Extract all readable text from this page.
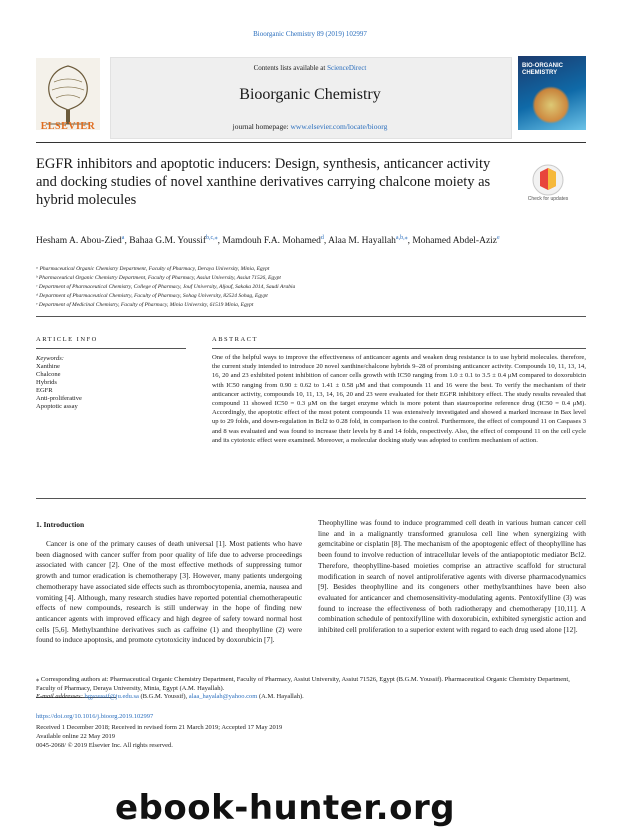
Bioorganic Chemistry 89 (2019) 102997
Contents lists available at ScienceDirect
Bioorganic Chemistry
journal homepage: www.elsevier.com/locate/bioorg
ELSEVIER
BIO-ORGANIC CHEMISTRY
EGFR inhibitors and apoptotic inducers: Design, synthesis, anticancer activity and docking studies of novel xanthine derivatives carrying chalcone moiety as hybrid molecules	Check for updates
Hesham A. Abou-Zied$^a$, Bahaa G.M. Youssif$^{b,c,⁎}$, Mamdouh F.A. Mohamed$^d$, Alaa M. Hayallah$^{a,b,⁎}$, Mohamed Abdel-Aziz$^e$
ᵃ Pharmaceutical Organic Chemistry Department, Faculty of Pharmacy, Deraya University, Minia, Egypt
ᵇ Pharmaceutical Organic Chemistry Department, Faculty of Pharmacy, Assiut University, Assiut 71526, Egypt
ᶜ Department of Pharmaceutical Chemistry, College of Pharmacy, Jouf University, Aljouf, Sakaka 2014, Saudi Arabia
ᵈ Department of Pharmaceutical Chemistry, Faculty of Pharmacy, Sohag University, 82524 Sohag, Egypt
ᵉ Department of Medicinal Chemistry, Faculty of Pharmacy, Minia University, 61519 Minia, Egypt
ARTICLE INFO	ABSTRACT
Keywords:
Xanthine
Chalcone
Hybrids
EGFR
Anti-proliferative
Apoptotic assay
One of the helpful ways to improve the effectiveness of anticancer agents and weaken drug resistance is to use hybrid molecules. therefore, the current study intended to introduce 20 novel xanthine/chalcone hybrids 9–28 of promising anticancer activity. Compounds 10, 11, 13, 14, 16, 20 and 23 exhibited potent inhibition of cancer cells growth with IC50 ranging from 1.0 ± 0.1 to 3.5 ± 0.4 μM compared to doxorubicin with IC50 ranging from 0.90 ± 0.62 to 1.41 ± 0.58 μM and that compounds 11 and 16 were the best. To verify the mechanism of their anticancer activity, compounds 10, 11, 13, 14, 16, 20 and 23 were evaluated for their EGFR inhibitory effect. The study results revealed that compound 11 showed IC50 = 0.3 μM on the target enzyme which is more potent than staurosporine reference drug (IC50 = 0.4 μM). Accordingly, the apoptotic effect of the most potent compounds 11 was extensively investigated and showed a marked increase in Bax level up to 29 folds, and down-regulation in Bcl2 to 0.28 fold, in comparison to the control. Furthermore, the effect of compound 11 on Caspases 3 and 8 was evaluated and was found to increase their levels by 8 and 14 folds, respectively. Also, the effect of compound 11 on the cell cycle and its cytotoxic effect were examined. Moreover, a molecular docking study was adopted to confirm mechanism of action.
1. Introduction

Cancer is one of the primary causes of death universal [1]. Most patients who have been diagnosed with cancer suffer from poor quality of life due to adverse proceedings associated with cancer [2]. One of the most effective methods of suppressing tumor growth and tumor eradication is chemotherapy [3]. However, many patients undergoing chemotherapy have associated side effects such as thrombocytopenia, anemia, nausea and vomiting [4]. Although, many research studies have reported potential chemotherapeutic effects of new compounds, research is still underway in the hope of finding new anticancer agents with improved efficacy and high degree of safety toward normal host cells [5,6]. Methylxanthine derivatives such as caffeine (1) and theophylline (2) were found to induce apoptosis, and promote cytotoxicity induced by doxorubicin [7].

Theophylline was found to induce programmed cell death in various human cancer cell line and in a malignantly transformed granulosa cell line when synergizing with gemcitabine or cisplatin [8]. The mechanism of the apoptogenic effect of theophylline has been found to involve reduction of intracellular levels of the antiapoptotic mediator Bcl2. Therefore, theophylline-based moieties comprise an attractive scaffold for structural modification in search of novel antiproliferative agents with diverse pharmacodynamics [9]. Besides theophylline and its congeners other methylxanthines have been also evaluated for anticancer and chemosensitivity-modulating agents. Pentoxifylline (3) was found to increase the effectiveness of both radiotherapy and chemotherapy [10,11]. A combination schedule of pentoxifylline with doxorubicin, exhibited synergistic action and inhibited cell proliferation to a superior extent with regard to each drug used alone [12].

⁎ Corresponding authors at: Pharmaceutical Organic Chemistry Department, Faculty of Pharmacy, Assiut University, Assiut 71526, Egypt (B.G.M. Youssif). Pharmaceutical Organic Chemistry Department, Faculty of Pharmacy, Deraya University, Minia, Egypt (A.M. Hayallah).
E-mail addresses: bgyoussif@ju.edu.sa (B.G.M. Youssif), alaa_hayalah@yahoo.com (A.M. Hayallah).
https://doi.org/10.1016/j.bioorg.2019.102997
Received 1 December 2018; Received in revised form 21 March 2019; Accepted 17 May 2019
Available online 22 May 2019
0045-2068/ © 2019 Elsevier Inc. All rights reserved.
ebook-hunter.org
